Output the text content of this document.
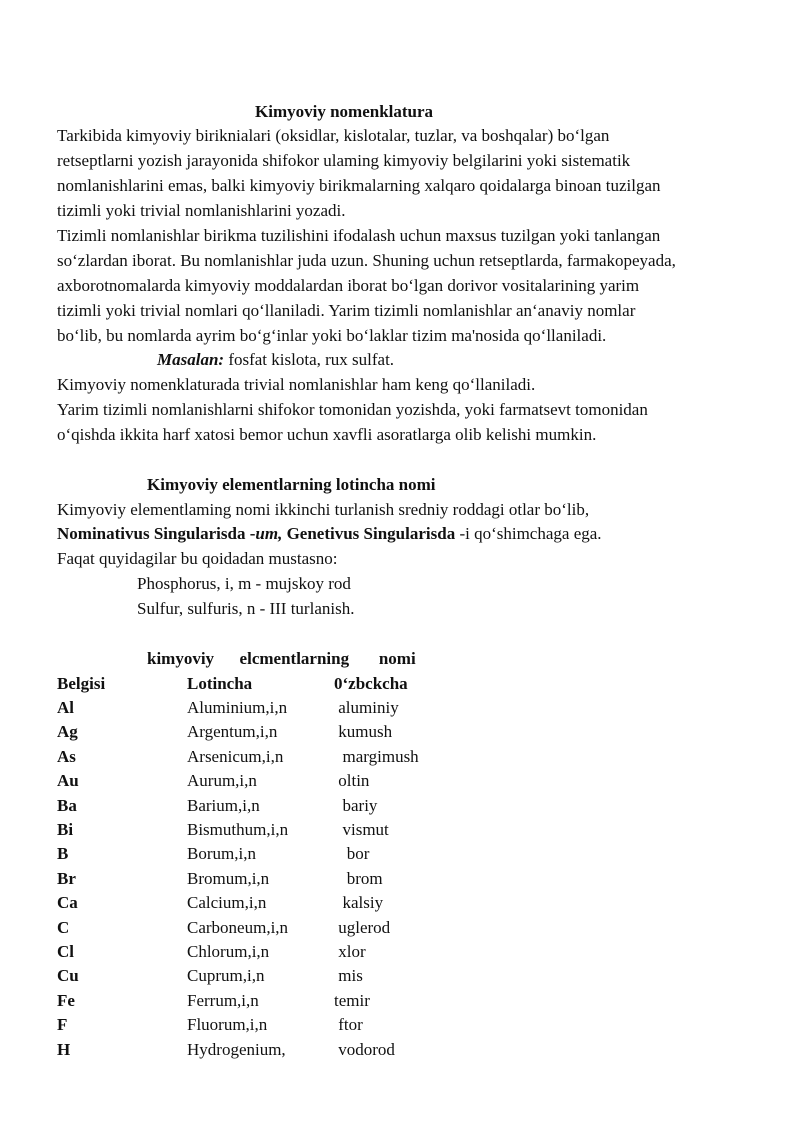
Kimyoviy nomenklatura
Tarkibida kimyoviy biriknialari (oksidlar, kislotalar, tuzlar, va boshqalar) bo‘lgan
retseptlarni yozish jarayonida shifokor ulaming kimyoviy belgilarini yoki sistematik
nomlanishlarini emas, balki kimyoviy birikmalarning xalqaro qoidalarga binoan tuzilgan
tizimli yoki trivial nomlanishlarini yozadi.
Tizimli nomlanishlar birikma tuzilishini ifodalash uchun maxsus tuzilgan yoki tanlangan
so‘zlardan iborat. Bu nomlanishlar juda uzun. Shuning uchun retseptlarda, farmakopeyada,
axborotnomalarda kimyoviy moddalardan iborat bo‘lgan dorivor vositalarining yarim
tizimli yoki trivial nomlari qo‘llaniladi. Yarim tizimli nomlanishlar an‘anaviy nomlar
bo‘lib, bu nomlarda ayrim bo‘g‘inlar yoki bo‘laklar tizim ma'nosida qo‘llaniladi.
Masalan: fosfat kislota, rux sulfat.
Kimyoviy nomenklaturada trivial nomlanishlar ham keng qo‘llaniladi.
Yarim tizimli nomlanishlarni shifokor tomonidan yozishda, yoki farmatsevt tomonidan
o‘qishda ikkita harf xatosi bemor uchun xavfli asoratlarga olib kelishi mumkin.
Kimyoviy elementlarning lotincha nomi
Kimyoviy elementlaming nomi ikkinchi turlanish sredniy roddagi otlar bo‘lib,
Nominativus Singularisda -um, Genetivus Singularisda -i qo‘shimchaga ega.
Faqat quyidagilar bu qoidadan mustasno:
Phosphorus, i, m - mujskoy rod
Sulfur, sulfuris, n - III turlanish.
kimyoviy      elcmentlarning       nomi
Belgisi	Lotincha	0‘zbckcha
Al	Aluminium,i,n	aluminiy
Ag	Argentum,i,n	kumush
As	Arsenicum,i,n	margimush
Au	Aurum,i,n	oltin
Ba	Barium,i,n	bariy
Bi	Bismuthum,i,n	vismut
B	Borum,i,n	bor
Br	Bromum,i,n	brom
Ca	Calcium,i,n	kalsiy
C	Carboneum,i,n	uglerod
Cl	Chlorum,i,n	xlor
Cu	Cuprum,i,n	mis
Fe	Ferrum,i,n	temir
F	Fluorum,i,n	ftor
H	Hydrogenium,	vodorod
